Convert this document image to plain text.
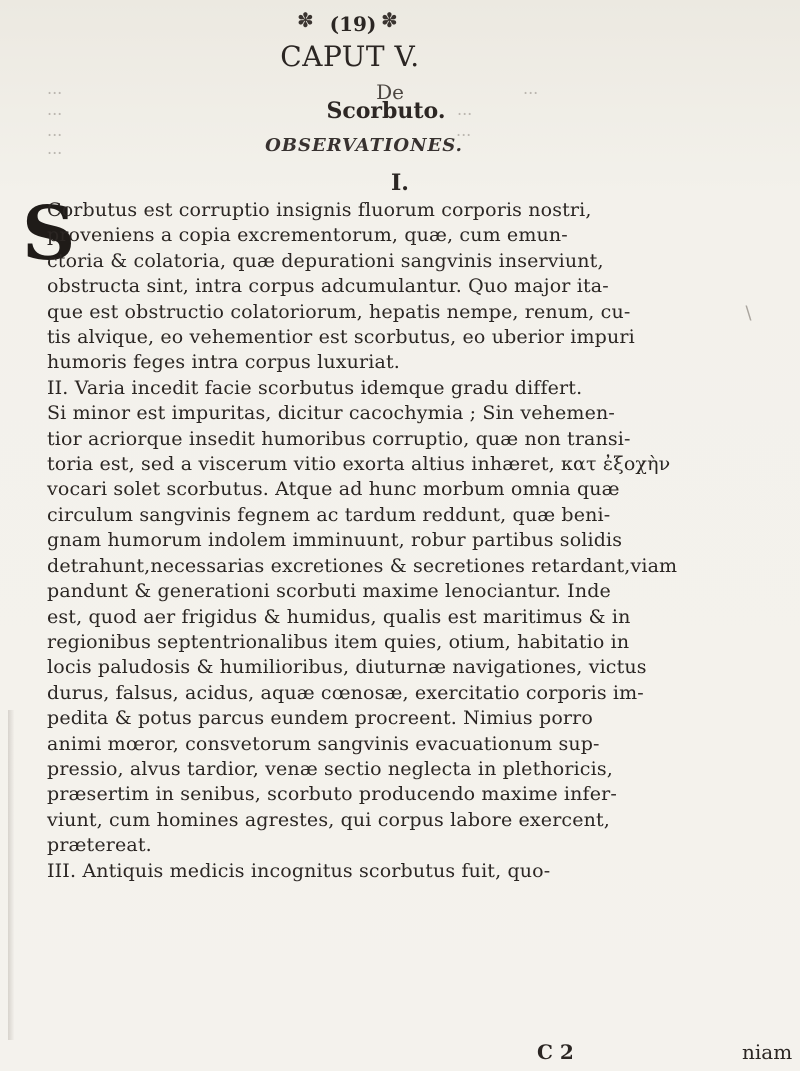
✽ (19) ✽
CAPUT V.
...	...
...	...
...	...
...
De
Scorbuto.
OBSERVATIONES.
I.
S
Corbutus est corruptio insignis fluorum corporis nostri,
proveniens a copia excrementorum, quæ, cum emun-
ctoria & colatoria, quæ depurationi sangvinis inserviunt,
obstructa sint, intra corpus adcumulantur. Quo major ita-
que est obstructio colatoriorum, hepatis nempe, renum, cu-
tis alvique, eo vehementior est scorbutus, eo uberior impuri
humoris feges intra corpus luxuriat.
II. Varia incedit facie scorbutus idemque gradu differt.
Si minor est impuritas, dicitur cacochymia ; Sin vehemen-
tior acriorque insedit humoribus corruptio, quæ non transi-
toria est, sed a viscerum vitio exorta altius inhæret, κατ ἐξοχὴν
vocari solet scorbutus. Atque ad hunc morbum omnia quæ
circulum sangvinis fegnem ac tardum reddunt, quæ beni-
gnam humorum indolem imminuunt, robur partibus solidis
detrahunt,necessarias excretiones & secretiones retardant,viam
pandunt & generationi scorbuti maxime lenociantur. Inde
est, quod aer frigidus & humidus, qualis est maritimus & in
regionibus septentrionalibus item quies, otium, habitatio in
locis paludosis & humilioribus, diuturnæ navigationes, victus
durus, falsus, acidus, aquæ cœnosæ, exercitatio corporis im-
pedita & potus parcus eundem procreent. Nimius porro
animi mœror, consvetorum sangvinis evacuationum sup-
pressio, alvus tardior, venæ sectio neglecta in plethoricis,
præsertim in senibus, scorbuto producendo maxime infer-
viunt, cum homines agrestes, qui corpus labore exercent,
prætereat.
III. Antiquis medicis incognitus scorbutus fuit, quo-
C 2	niam
∖
